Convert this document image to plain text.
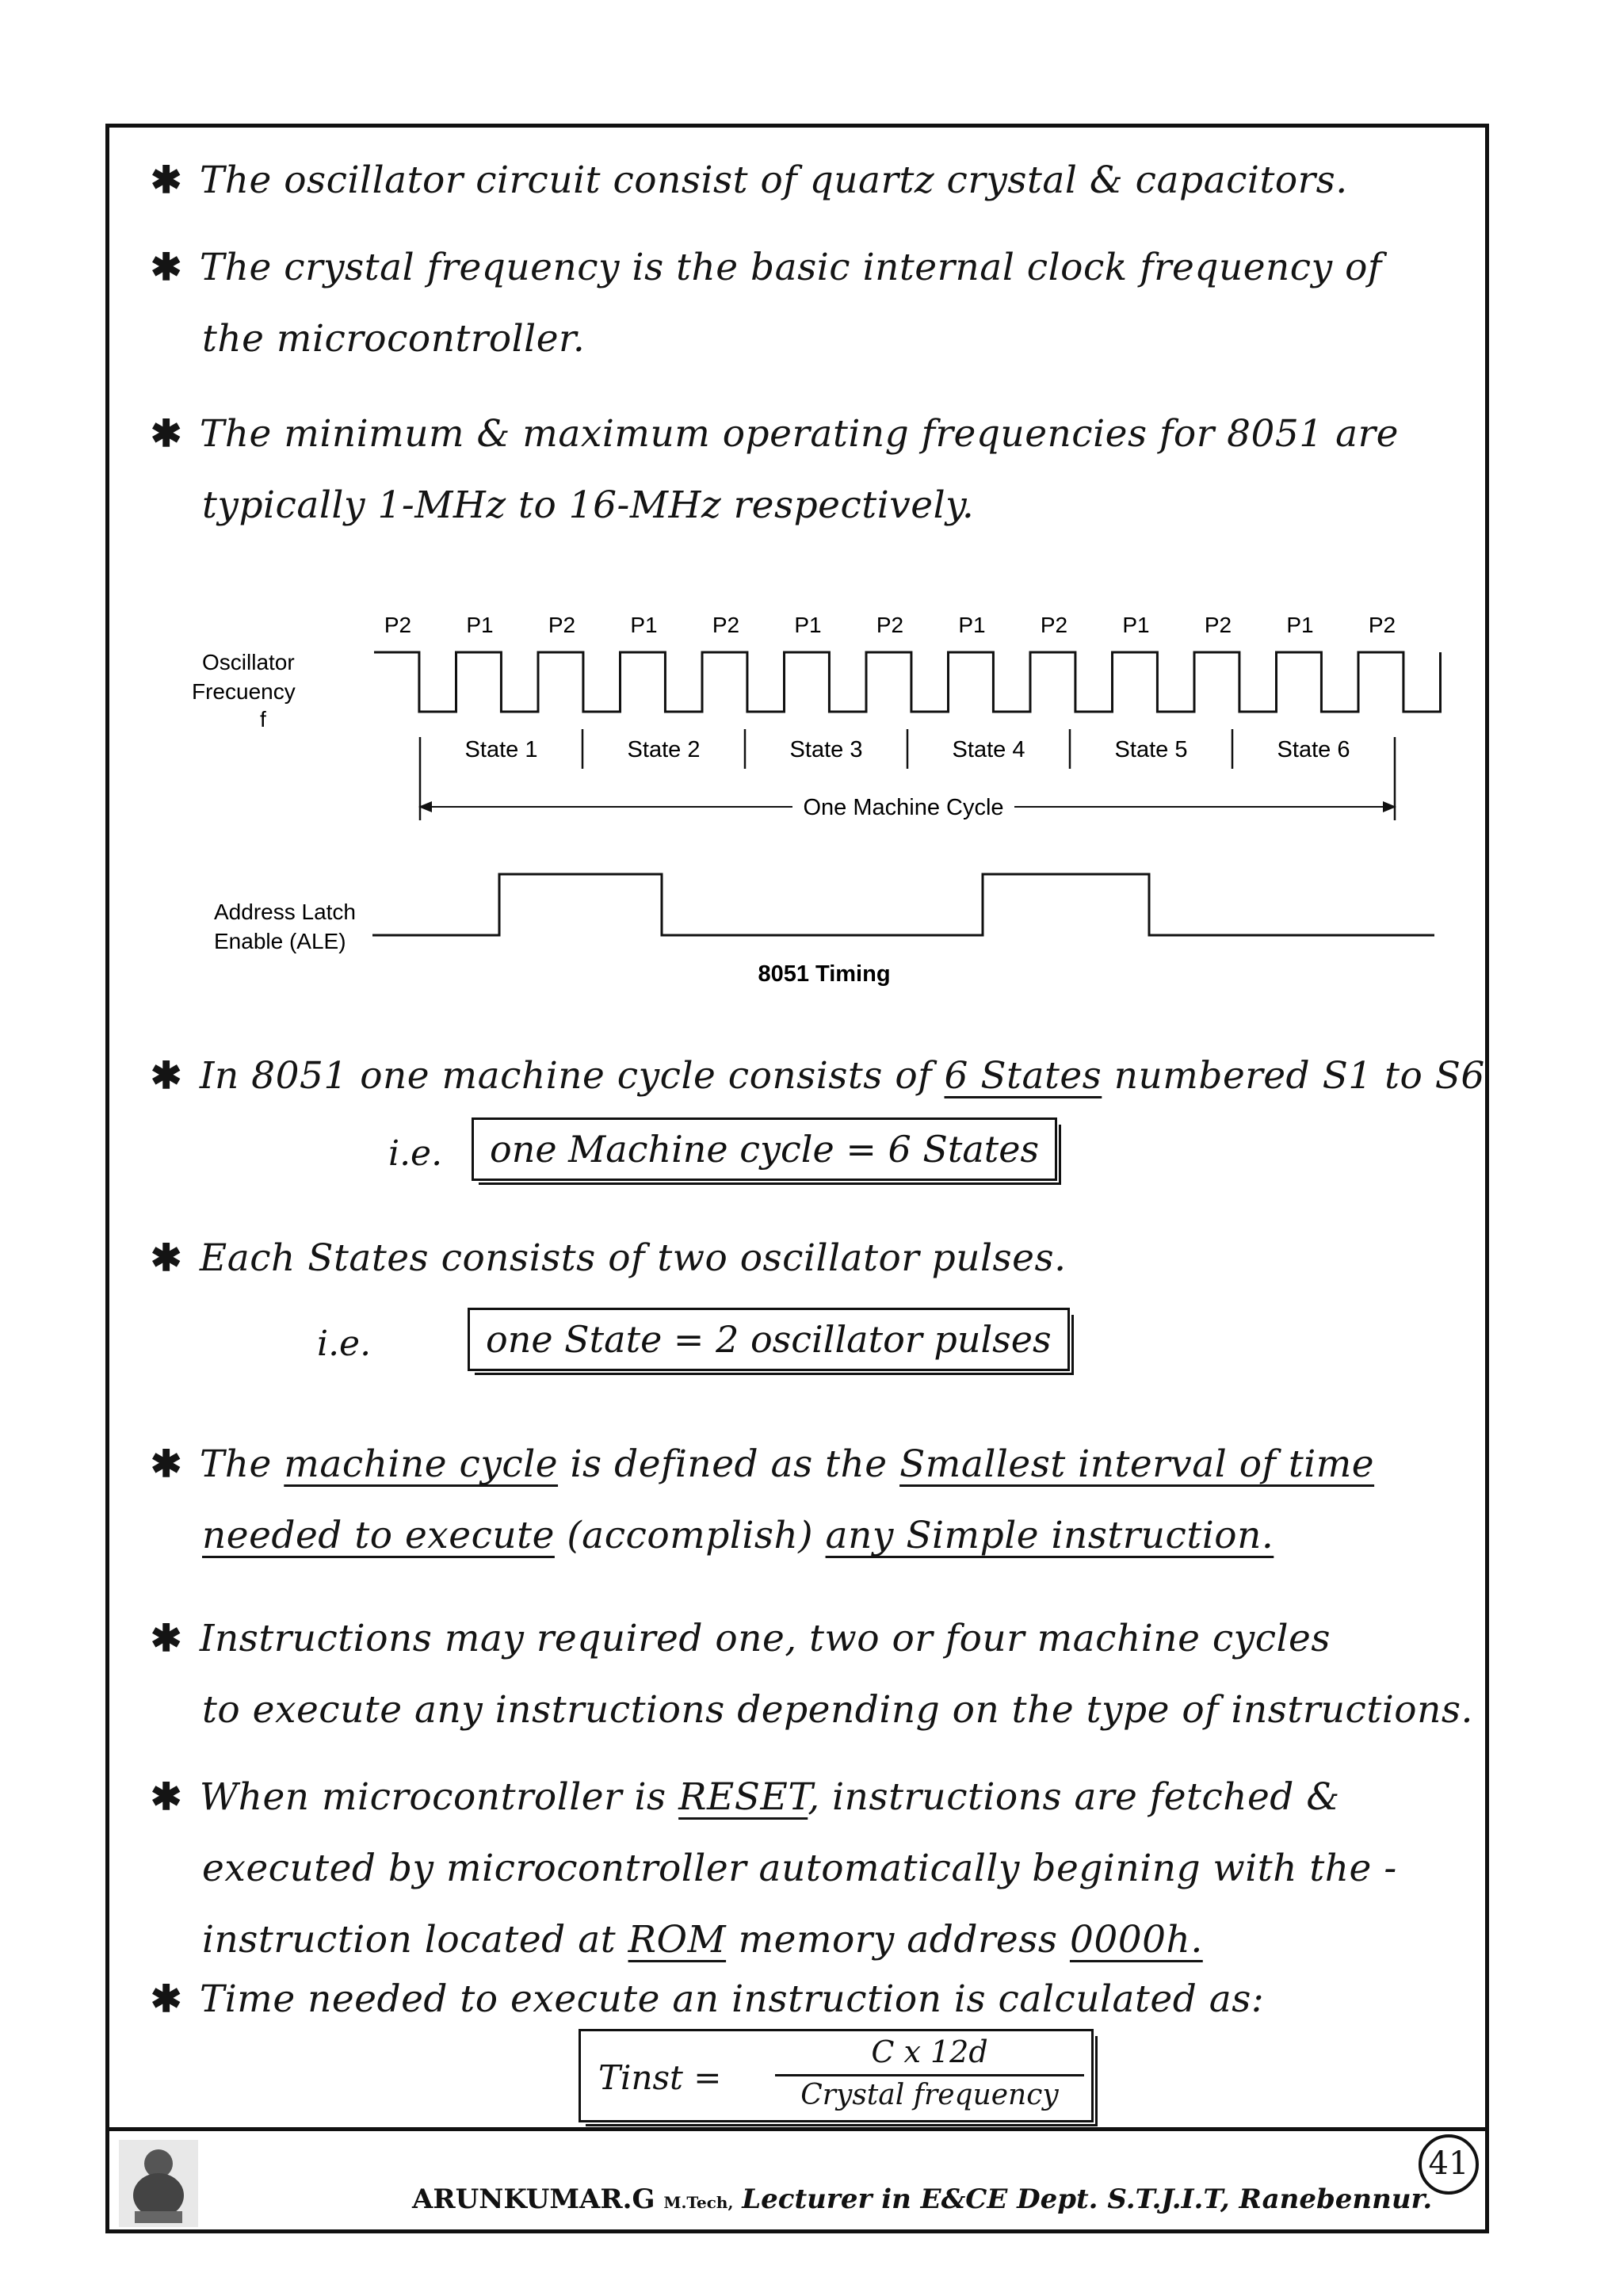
✱ The oscillator circuit consist of quartz crystal & capacitors.
✱ The crystal frequency is the basic internal clock frequency of
the microcontroller.
✱ The minimum & maximum operating frequencies for 8051 are
typically 1-MHz to 16-MHz respectively.
P2 P1 P2 P1 P2 P1 P2 P1 P2 P1 P2 P1 P2
Oscillator
Frecuency
f
State 1	State 2	State 3	State 4	State 5	State 6
One Machine Cycle
Address Latch
Enable (ALE)
8051 Timing
✱ In 8051 one machine cycle consists of 6 States numbered S1 to S6
i.e.	one Machine cycle = 6 States
✱ Each States consists of two oscillator pulses.
i.e.	one State = 2 oscillator pulses
✱ The machine cycle is defined as the Smallest interval of time
needed to execute (accomplish) any Simple instruction.
✱ Instructions may required one, two or four machine cycles
to execute any instructions depending on the type of instructions.
✱ When microcontroller is RESET, instructions are fetched &
executed by microcontroller automatically begining with the -
instruction located at ROM memory address 0000h.
✱ Time needed to execute an instruction is calculated as:
Tinst =
C x 12d
Crystal frequency
ARUNKUMAR.G M.Tech, Lecturer in E&CE Dept. S.T.J.I.T, Ranebennur.
41
